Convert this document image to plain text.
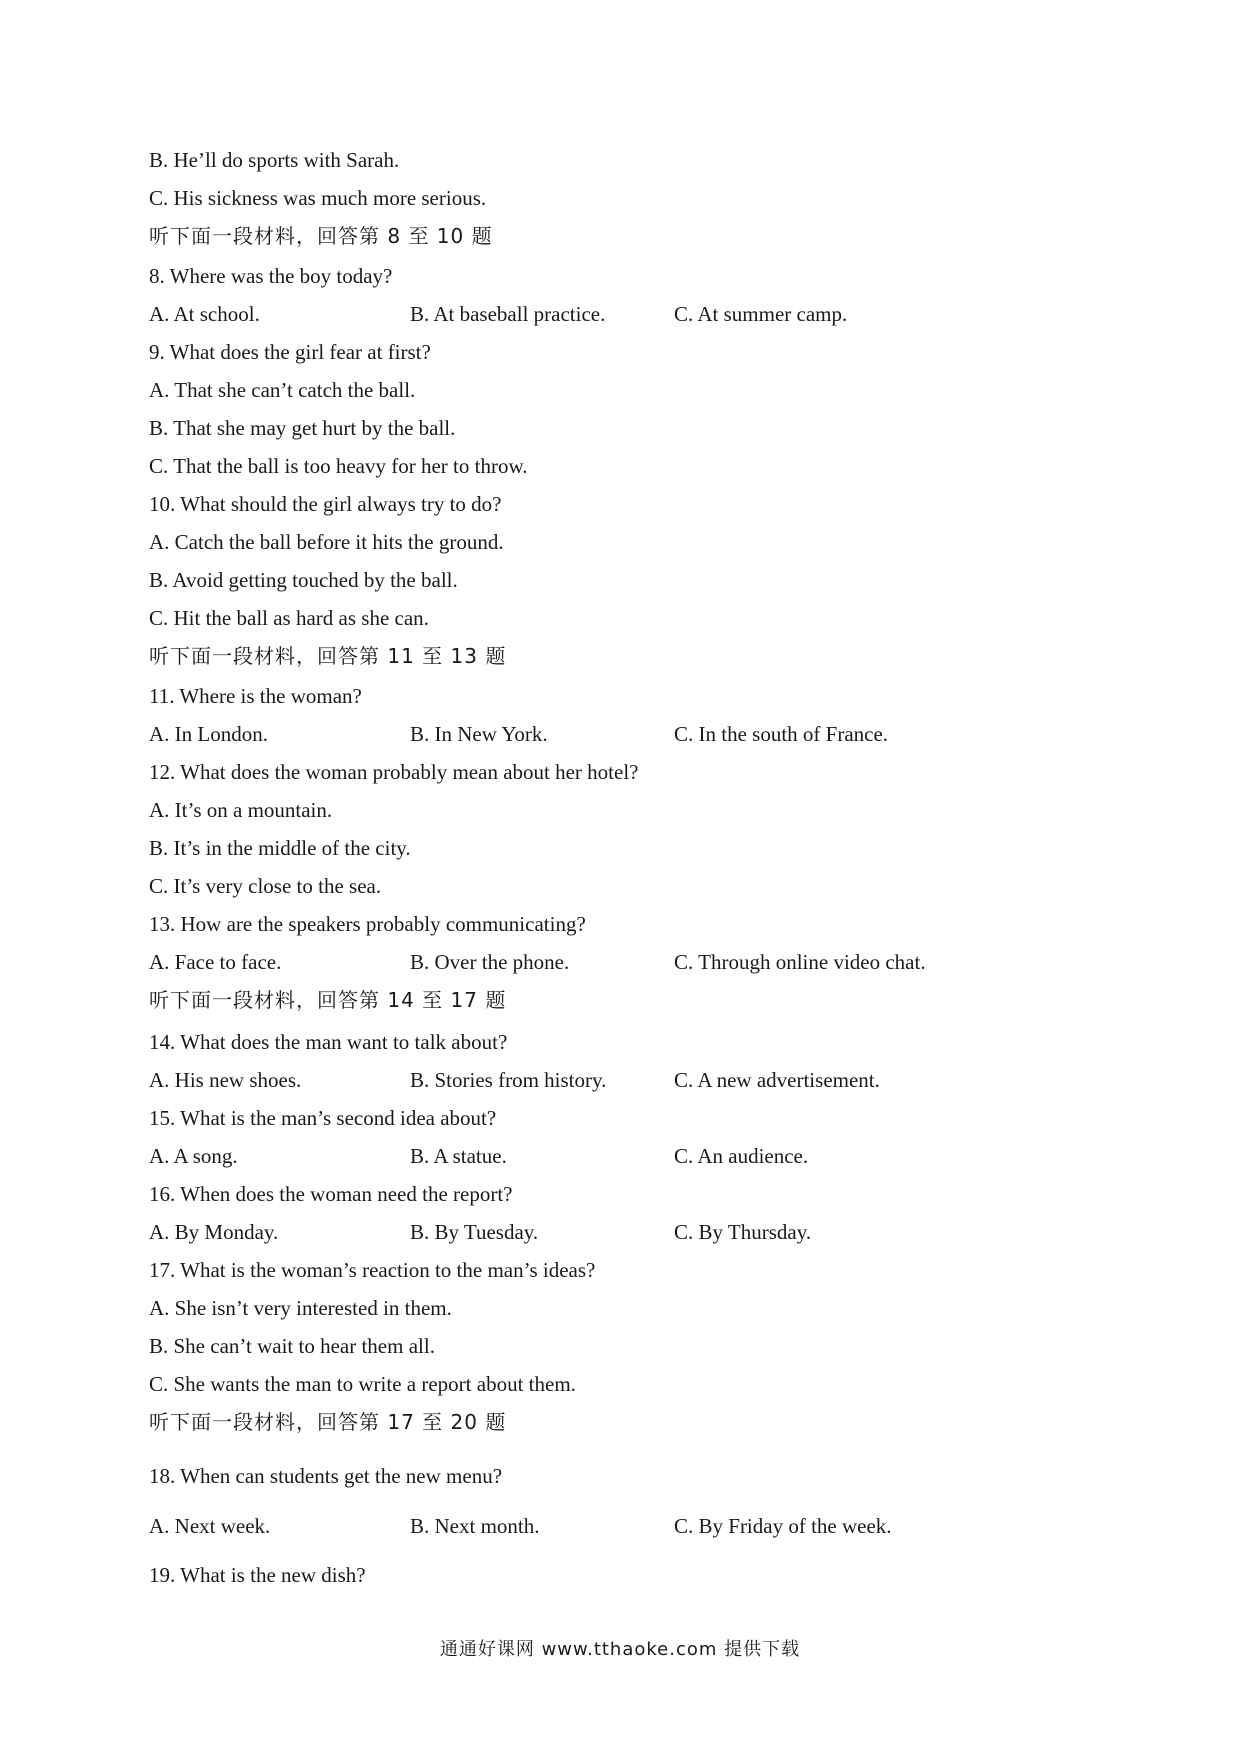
B. He’ll do sports with Sarah.
C. His sickness was much more serious.
听下面一段材料，回答第 8 至 10 题
8. Where was the boy today?
A. At school.	B. At baseball practice.	C. At summer camp.
9. What does the girl fear at first?
A. That she can’t catch the ball.
B. That she may get hurt by the ball.
C. That the ball is too heavy for her to throw.
10. What should the girl always try to do?
A. Catch the ball before it hits the ground.
B. Avoid getting touched by the ball.
C. Hit the ball as hard as she can.
听下面一段材料，回答第 11 至 13 题
11. Where is the woman?
A. In London.	B. In New York.	C. In the south of France.
12. What does the woman probably mean about her hotel?
A. It’s on a mountain.
B. It’s in the middle of the city.
C. It’s very close to the sea.
13. How are the speakers probably communicating?
A. Face to face.	B. Over the phone.	C. Through online video chat.
听下面一段材料，回答第 14 至 17 题
14. What does the man want to talk about?
A. His new shoes.	B. Stories from history.	C. A new advertisement.
15. What is the man’s second idea about?
A. A song.	B. A statue.	C. An audience.
16. When does the woman need the report?
A. By Monday.	B. By Tuesday.	C. By Thursday.
17. What is the woman’s reaction to the man’s ideas?
A. She isn’t very interested in them.
B. She can’t wait to hear them all.
C. She wants the man to write a report about them.
听下面一段材料，回答第 17 至 20 题
18. When can students get the new menu?
A. Next week.	B. Next month.	C. By Friday of the week.
19. What is the new dish?
通通好课网 www.tthaoke.com 提供下载
